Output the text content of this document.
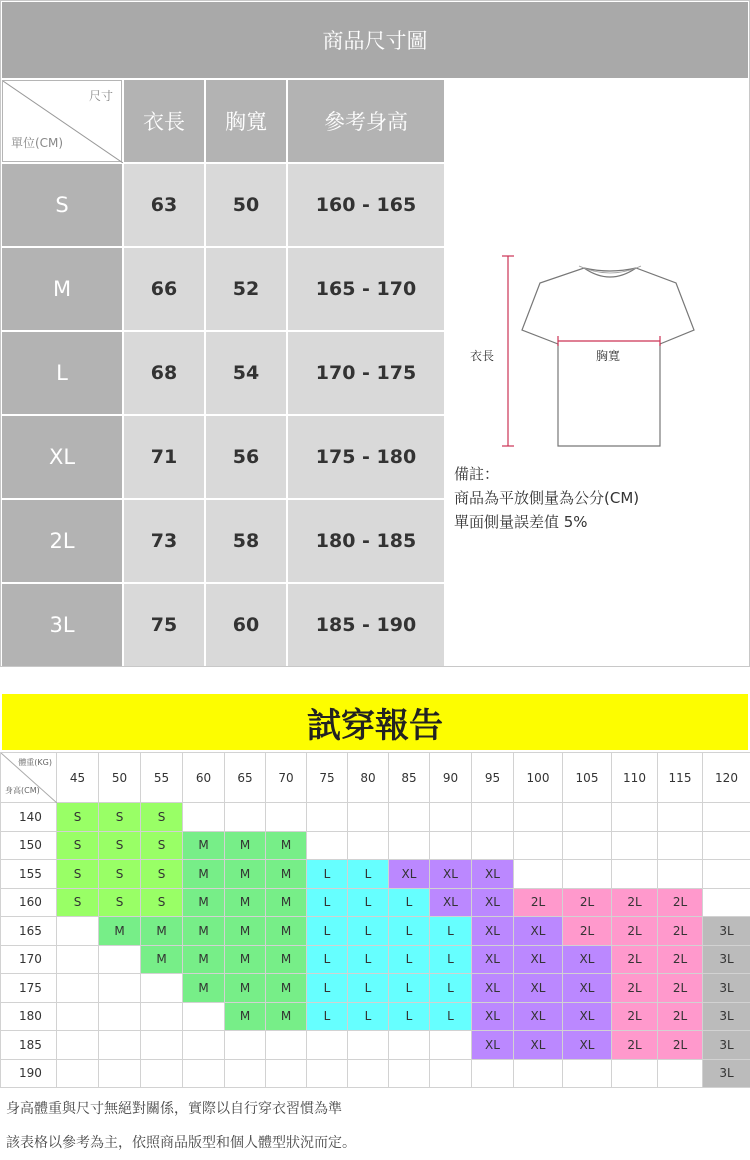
商品尺寸圖
尺寸
單位(CM)
衣長	胸寬	參考身高
S	63	50	160 - 165
M	66	52	165 - 170
L	68	54	170 - 175
XL	71	56	175 - 180
2L	73	58	180 - 185
3L	75	60	185 - 190
衣長	胸寬
備註：
商品為平放側量為公分(CM)
單面側量誤差值 5%
試穿報告
體重(KG)
身高(CM)	45	50	55	60	65	70	75	80	85	90	95	100	105	110	115	120
140	S	S	S													
150	S	S	S	M	M	M										
155	S	S	S	M	M	M	L	L	XL	XL	XL					
160	S	S	S	M	M	M	L	L	L	XL	XL	2L	2L	2L	2L	
165		M	M	M	M	M	L	L	L	L	XL	XL	2L	2L	2L	3L
170			M	M	M	M	L	L	L	L	XL	XL	XL	2L	2L	3L
175				M	M	M	L	L	L	L	XL	XL	XL	2L	2L	3L
180					M	M	L	L	L	L	XL	XL	XL	2L	2L	3L
185											XL	XL	XL	2L	2L	3L
190																3L
身高體重與尺寸無絕對關係，實際以自行穿衣習慣為準
該表格以參考為主，依照商品版型和個人體型狀況而定。
